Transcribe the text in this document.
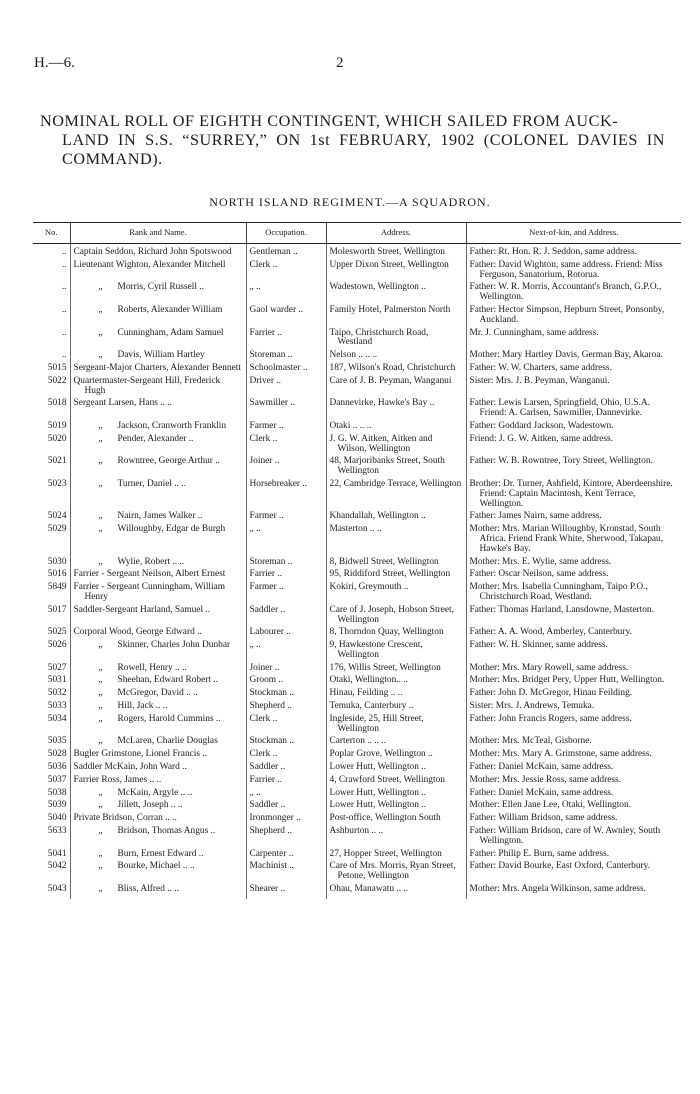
H.—6.	2
NOMINAL ROLL OF EIGHTH CONTINGENT, WHICH SAILED FROM AUCK-
LAND IN S.S. “SURREY,” ON 1st FEBRUARY, 1902 (COLONEL DAVIES IN COMMAND).
NORTH ISLAND REGIMENT.—A SQUADRON.
No.	Rank and Name.	Occupation.	Address.	Next-of-kin, and Address.
..	Captain Seddon, Richard John Spotswood	Gentleman ..	Molesworth Street, Wellington	Father: Rt. Hon. R. J. Seddon, same address.

..	Lieutenant Wighton, Alexander Mitchell	Clerk ..	Upper Dixon Street, Wellington	Father: David Wighton, same address. Friend: Miss Ferguson, Sanatorium, Rotorua.

..	„ Morris, Cyril Russell ..	„ ..	Wadestown, Wellington ..	Father: W. R. Morris, Accountant's Branch, G.P.O., Wellington.

..	„ Roberts, Alexander William	Gaol warder ..	Family Hotel, Palmerston North	Father: Hector Simpson, Hepburn Street, Ponsonby, Auckland.

..	„ Cunningham, Adam Samuel	Farrier ..	Taipo, Christchurch Road, Westland	Mr. J. Cunningham, same address.

..	„ Davis, William Hartley	Storeman ..	Nelson .. .. ..	Mother: Mary Hartley Davis, German Bay, Akaroa.

5015	Sergeant-Major Charters, Alexander Bennett	Schoolmaster ..	187, Wilson's Road, Christchurch	Father: W. W. Charters, same address.

5022	Quartermaster-Sergeant Hill, Frederick Hugh	Driver ..	Care of J. B. Peyman, Wanganui	Sister: Mrs. J. B. Peyman, Wanganui.

5018	Sergeant Larsen, Hans .. ..	Sawmiller ..	Dannevirke, Hawke's Bay ..	Father: Lewis Larsen, Springfield, Ohio, U.S.A. Friend: A. Carlsen, Sawmiller, Dannevirke.

5019	„ Jackson, Cranworth Franklin	Farmer ..	Otaki .. .. ..	Father: Goddard Jackson, Wadestown.

5020	„ Pender, Alexander ..	Clerk ..	J. G. W. Aitken, Aitken and Wilson, Wellington	Friend: J. G. W. Aitken, same address.

5021	„ Rowntree, George Arthur ..	Joiner ..	48, Marjoribanks Street, South Wellington	Father: W. B. Rowntree, Tory Street, Wellington.

5023	„ Turner, Daniel .. ..	Horsebreaker ..	22, Cambridge Terrace, Wellington	Brother: Dr. Turner, Ashfield, Kintore, Aberdeenshire. Friend: Captain Macintosh, Kent Terrace, Wellington.

5024	„ Nairn, James Walker ..	Farmer ..	Khandallah, Wellington ..	Father: James Nairn, same address.

5029	„ Willoughby, Edgar de Burgh	„ ..	Masterton .. ..	Mother: Mrs. Marian Willoughby, Kronstad, South Africa. Friend Frank White, Sherwood, Takapau, Hawke's Bay.

5030	„ Wylie, Robert .. ..	Storeman ..	8, Bidwell Street, Wellington	Mother: Mrs. E. Wylie, same address.

5016	Farrier - Sergeant Neilson, Albert Ernest	Farrier ..	95, Riddiford Street, Wellington	Father: Oscar Neilson, same address.

5849	Farrier - Sergeant Cunningham, William Henry	Farmer ..	Kokiri, Greymouth ..	Mother: Mrs. Isabella Cunningham, Taipo P.O., Christchurch Road, Westland.

5017	Saddler-Sergeant Harland, Samuel ..	Saddler ..	Care of J. Joseph, Hobson Street, Wellington	Father: Thomas Harland, Lansdowne, Masterton.

5025	Corporal Wood, George Edward ..	Labourer ..	8, Thorndon Quay, Wellington	Father: A. A. Wood, Amberley, Canterbury.

5026	„ Skinner, Charles John Dunbar	„ ..	9, Hawkestone Crescent, Wellington	Father: W. H. Skinner, same address.

5027	„ Rowell, Henry .. ..	Joiner ..	176, Willis Street, Wellington	Mother: Mrs. Mary Rowell, same address.

5031	„ Sheehan, Edward Robert ..	Groom ..	Otaki, Wellington.. ..	Mother: Mrs. Bridget Pery, Upper Hutt, Wellington.

5032	„ McGregor, David .. ..	Stockman ..	Hinau, Feilding .. ..	Father: John D. McGregor, Hinau Feilding.

5033	„ Hill, Jack .. ..	Shepherd ..	Temuka, Canterbury ..	Sister: Mrs. J. Andrews, Temuka.

5034	„ Rogers, Harold Cummins ..	Clerk ..	Ingleside, 25, Hill Street, Wellington	Father: John Francis Rogers, same address.

5035	„ McLaren, Charlie Douglas	Stockman ..	Carterton .. .. ..	Mother: Mrs. McTeal, Gisborne.

5028	Bugler Grimstone, Lionel Francis ..	Clerk ..	Poplar Grove, Wellington ..	Mother: Mrs. Mary A. Grimstone, same address.

5036	Saddler McKain, John Ward ..	Saddler ..	Lower Hutt, Wellington ..	Father: Daniel McKain, same address.

5037	Farrier Ross, James .. ..	Farrier ..	4, Crawford Street, Wellington	Mother: Mrs. Jessie Ross, same address.

5038	„ McKain, Argyle .. ..	„ ..	Lower Hutt, Wellington ..	Father: Daniel McKain, same address.

5039	„ Jillett, Joseph .. ..	Saddler ..	Lower Hutt, Wellington ..	Mother: Ellen Jane Lee, Otaki, Wellington.

5040	Private Bridson, Corran .. ..	Ironmonger ..	Post-office, Wellington South	Father: William Bridson, same address.

5633	„ Bridson, Thomas Angus ..	Shepherd ..	Ashburton .. ..	Father: William Bridson, care of W. Awnley, South Wellington.

5041	„ Burn, Ernest Edward ..	Carpenter ..	27, Hopper Street, Wellington	Father: Philip E. Burn, same address.

5042	„ Bourke, Michael .. ..	Machinist ..	Care of Mrs. Morris, Ryan Street, Petone, Wellington	Father: David Bourke, East Oxford, Canterbury.

5043	„ Bliss, Alfred .. ..	Shearer ..	Ohau, Manawatu .. ..	Mother: Mrs. Angela Wilkinson, same address.
